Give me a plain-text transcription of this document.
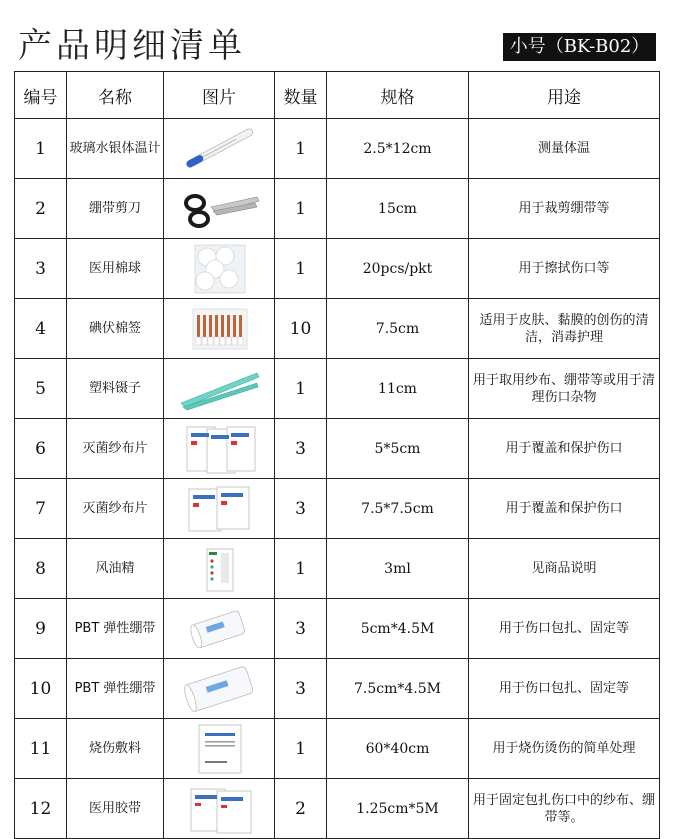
产品明细清单	小号（BK-B02）
编号	名称	图片	数量	规格	用途
1	玻璃水银体温计		1	2.5*12cm	测量体温
2	绷带剪刀		1	15cm	用于裁剪绷带等
3	医用棉球		1	20pcs/pkt	用于擦拭伤口等
4	碘伏棉签		10	7.5cm	适用于皮肤、黏膜的创伤的清洁，消毒护理
5	塑料镊子		1	11cm	用于取用纱布、绷带等或用于清理伤口杂物
6	灭菌纱布片		3	5*5cm	用于覆盖和保护伤口
7	灭菌纱布片		3	7.5*7.5cm	用于覆盖和保护伤口
8	风油精		1	3ml	见商品说明
9	PBT 弹性绷带		3	5cm*4.5M	用于伤口包扎、固定等
10	PBT 弹性绷带		3	7.5cm*4.5M	用于伤口包扎、固定等
11	烧伤敷料		1	60*40cm	用于烧伤烫伤的简单处理
12	医用胶带		2	1.25cm*5M	用于固定包扎伤口中的纱布、绷带等。
